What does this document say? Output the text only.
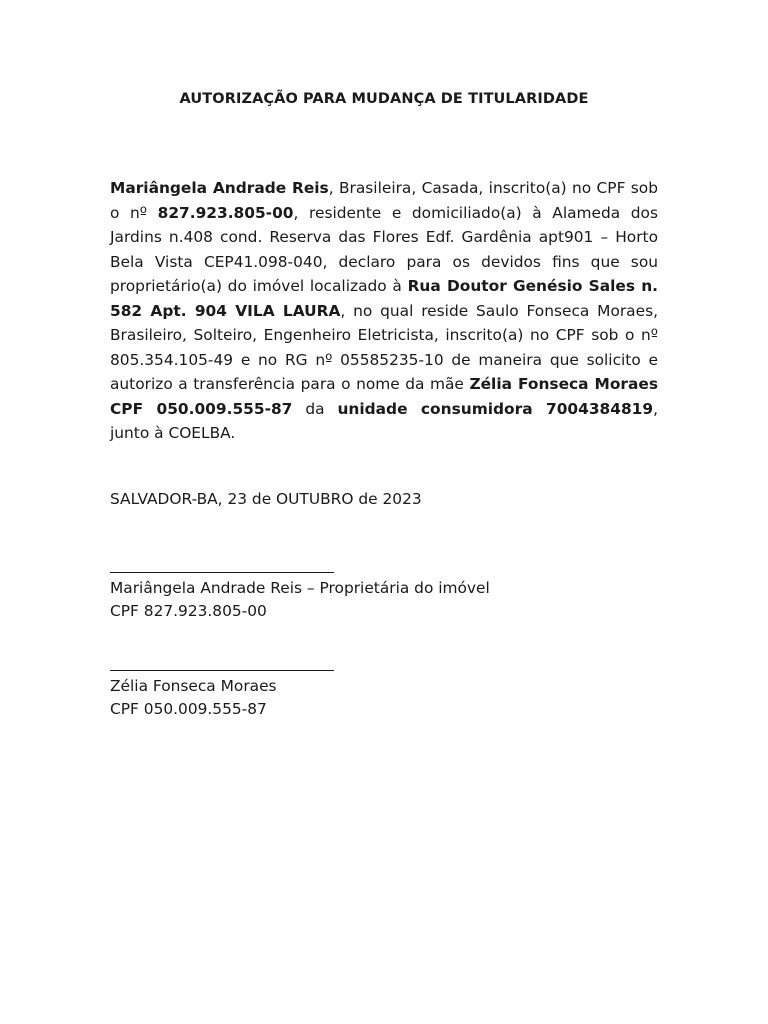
AUTORIZAÇÃO PARA MUDANÇA DE TITULARIDADE

Mariângela Andrade Reis, Brasileira, Casada, inscrito(a) no CPF sob o nº 827.923.805-00, residente e domiciliado(a) à Alameda dos Jardins n.408 cond. Reserva das Flores Edf. Gardênia apt901 – Horto Bela Vista CEP41.098-040, declaro para os devidos fins que sou proprietário(a) do imóvel localizado à Rua Doutor Genésio Sales n. 582 Apt. 904 VILA LAURA, no qual reside Saulo Fonseca Moraes, Brasileiro, Solteiro, Engenheiro Eletricista, inscrito(a) no CPF sob o nº 805.354.105-49 e no RG nº 05585235-10 de maneira que solicito e autorizo a transferência para o nome da mãe Zélia Fonseca Moraes CPF 050.009.555-87 da unidade consumidora 7004384819, junto à COELBA.

SALVADOR-BA, 23 de OUTUBRO de 2023
Mariângela Andrade Reis – Proprietária do imóvel
CPF 827.923.805-00
Zélia Fonseca Moraes
CPF 050.009.555-87
